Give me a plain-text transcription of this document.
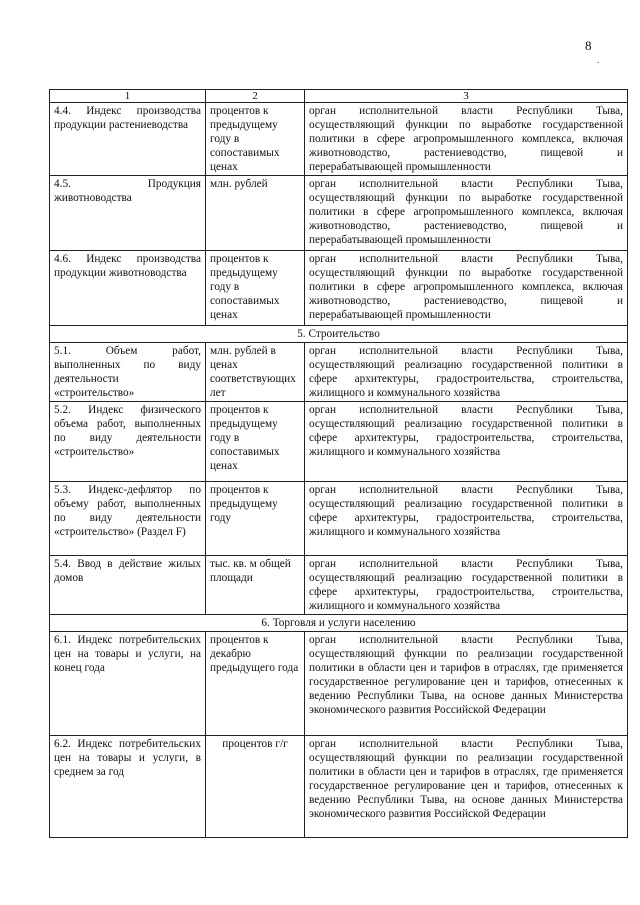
8
.
1	2	3
4.4. Индекс производства продукции растениеводства	процентов к предыдущему году в сопоставимых ценах	орган исполнительной власти Республики Тыва, осуществляющий функции по выработке государственной политики в сфере агропромышленного комплекса, включая животноводство, растениеводство, пищевой и перерабатывающей промышленности
4.5. Продукция животноводства	млн. рублей	орган исполнительной власти Республики Тыва, осуществляющий функции по выработке государственной политики в сфере агропромышленного комплекса, включая животноводство, растениеводство, пищевой и перерабатывающей промышленности
4.6. Индекс производства продукции животноводства	процентов к предыдущему году в сопоставимых ценах	орган исполнительной власти Республики Тыва, осуществляющий функции по выработке государственной политики в сфере агропромышленного комплекса, включая животноводство, растениеводство, пищевой и перерабатывающей промышленности
5. Строительство		
5.1. Объем работ, выполненных по виду деятельности «строительство»	млн. рублей в ценах соответствующих лет	орган исполнительной власти Республики Тыва, осуществляющий реализацию государственной политики в сфере архитектуры, градостроительства, строительства, жилищного и коммунального хозяйства
5.2. Индекс физического объема работ, выполненных по виду деятельности «строительство»	процентов к предыдущему году в сопоставимых ценах	орган исполнительной власти Республики Тыва, осуществляющий реализацию государственной политики в сфере архитектуры, градостроительства, строительства, жилищного и коммунального хозяйства
5.3. Индекс-дефлятор по объему работ, выполненных по виду деятельности «строительство» (Раздел F)	процентов к предыдущему году	орган исполнительной власти Республики Тыва, осуществляющий реализацию государственной политики в сфере архитектуры, градостроительства, строительства, жилищного и коммунального хозяйства
5.4. Ввод в действие жилых домов	тыс. кв. м общей площади	орган исполнительной власти Республики Тыва, осуществляющий реализацию государственной политики в сфере архитектуры, градостроительства, строительства, жилищного и коммунального хозяйства
6. Торговля и услуги населению		
6.1. Индекс потребительских цен на товары и услуги, на конец года	процентов к декабрю предыдущего года	орган исполнительной власти Республики Тыва, осуществляющий функции по реализации государственной политики в области цен и тарифов в отраслях, где применяется государственное регулирование цен и тарифов, отнесенных к ведению Республики Тыва, на основе данных Министерства экономического развития Российской Федерации
6.2. Индекс потребительских цен на товары и услуги, в среднем за год	процентов г/г	орган исполнительной власти Республики Тыва, осуществляющий функции по реализации государственной политики в области цен и тарифов в отраслях, где применяется государственное регулирование цен и тарифов, отнесенных к ведению Республики Тыва, на основе данных Министерства экономического развития Российской Федерации
